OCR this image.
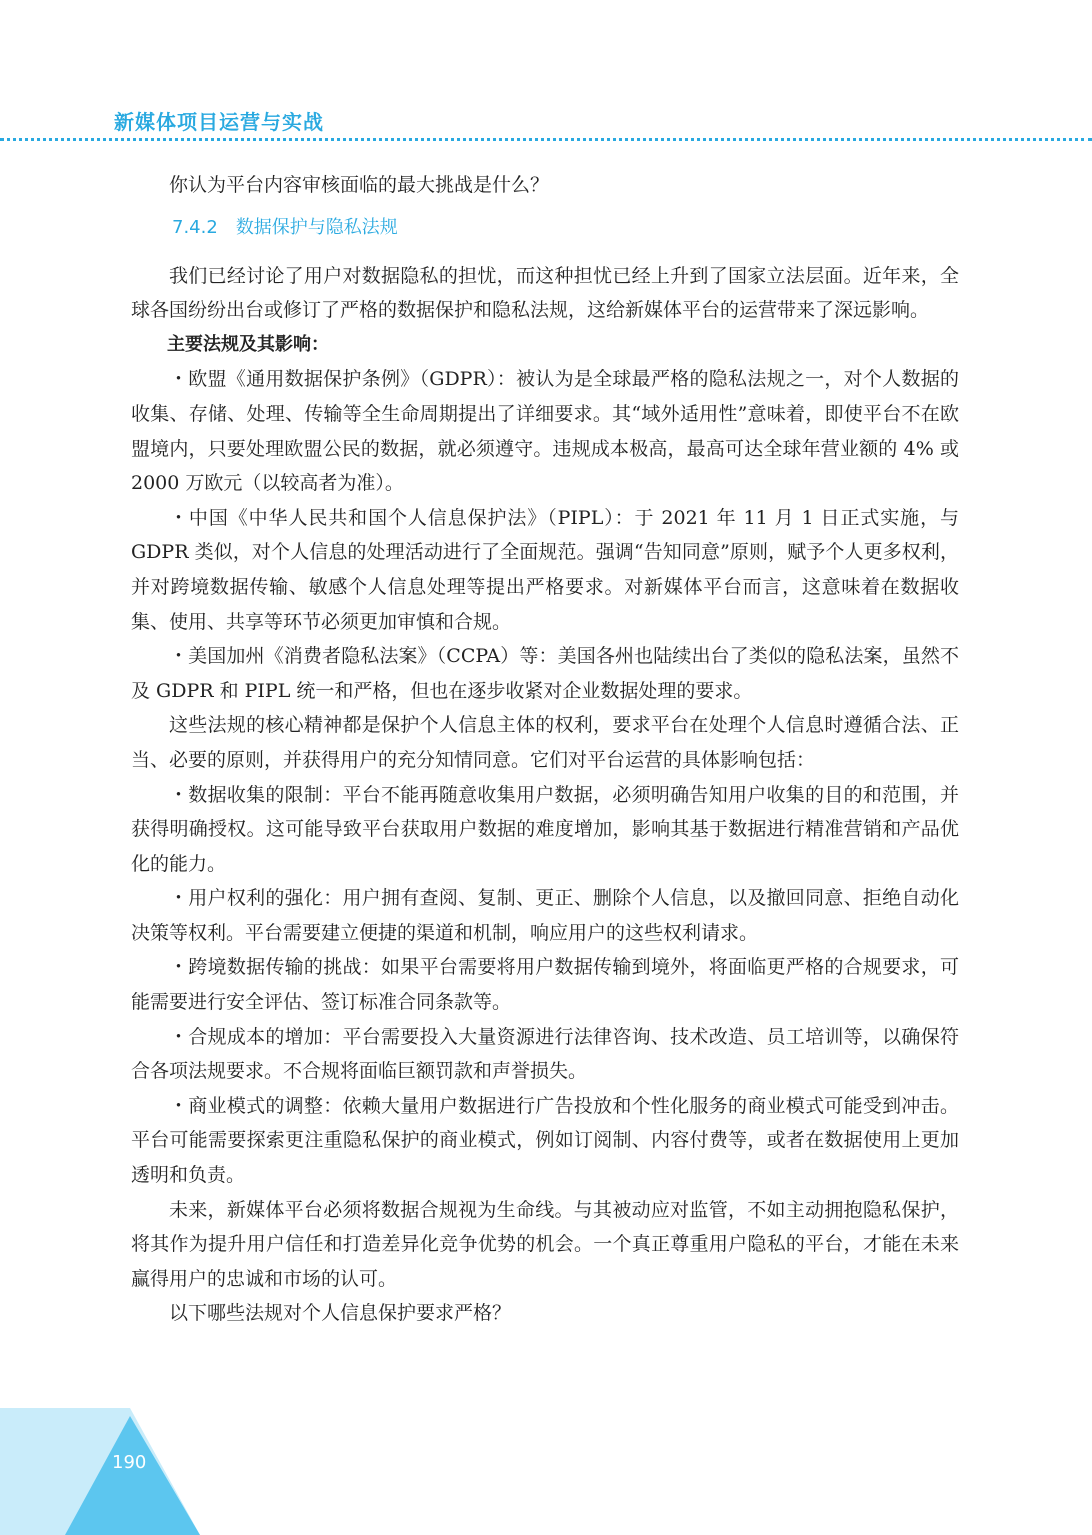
新媒体项目运营与实战

你认为平台内容审核面临的最大挑战是什么？

7.4.2 数据保护与隐私法规

我们已经讨论了用户对数据隐私的担忧，而这种担忧已经上升到了国家立法层面。近年来，全球各国纷纷出台或修订了严格的数据保护和隐私法规，这给新媒体平台的运营带来了深远影响。

主要法规及其影响：

・欧盟《通用数据保护条例》（GDPR）：被认为是全球最严格的隐私法规之一，对个人数据的收集、存储、处理、传输等全生命周期提出了详细要求。其“域外适用性”意味着，即使平台不在欧盟境内，只要处理欧盟公民的数据，就必须遵守。违规成本极高，最高可达全球年营业额的 4% 或 2000 万欧元（以较高者为准）。

・中国《中华人民共和国个人信息保护法》（PIPL）：于 2021 年 11 月 1 日正式实施，与 GDPR 类似，对个人信息的处理活动进行了全面规范。强调“告知同意”原则，赋予个人更多权利，并对跨境数据传输、敏感个人信息处理等提出严格要求。对新媒体平台而言，这意味着在数据收集、使用、共享等环节必须更加审慎和合规。

・美国加州《消费者隐私法案》（CCPA）等：美国各州也陆续出台了类似的隐私法案，虽然不及 GDPR 和 PIPL 统一和严格，但也在逐步收紧对企业数据处理的要求。

这些法规的核心精神都是保护个人信息主体的权利，要求平台在处理个人信息时遵循合法、正当、必要的原则，并获得用户的充分知情同意。它们对平台运营的具体影响包括：

・数据收集的限制：平台不能再随意收集用户数据，必须明确告知用户收集的目的和范围，并获得明确授权。这可能导致平台获取用户数据的难度增加，影响其基于数据进行精准营销和产品优化的能力。

・用户权利的强化：用户拥有查阅、复制、更正、删除个人信息，以及撤回同意、拒绝自动化决策等权利。平台需要建立便捷的渠道和机制，响应用户的这些权利请求。

・跨境数据传输的挑战：如果平台需要将用户数据传输到境外，将面临更严格的合规要求，可能需要进行安全评估、签订标准合同条款等。

・合规成本的增加：平台需要投入大量资源进行法律咨询、技术改造、员工培训等，以确保符合各项法规要求。不合规将面临巨额罚款和声誉损失。

・商业模式的调整：依赖大量用户数据进行广告投放和个性化服务的商业模式可能受到冲击。平台可能需要探索更注重隐私保护的商业模式，例如订阅制、内容付费等，或者在数据使用上更加透明和负责。

未来，新媒体平台必须将数据合规视为生命线。与其被动应对监管，不如主动拥抱隐私保护，将其作为提升用户信任和打造差异化竞争优势的机会。一个真正尊重用户隐私的平台，才能在未来赢得用户的忠诚和市场的认可。

以下哪些法规对个人信息保护要求严格？

190
